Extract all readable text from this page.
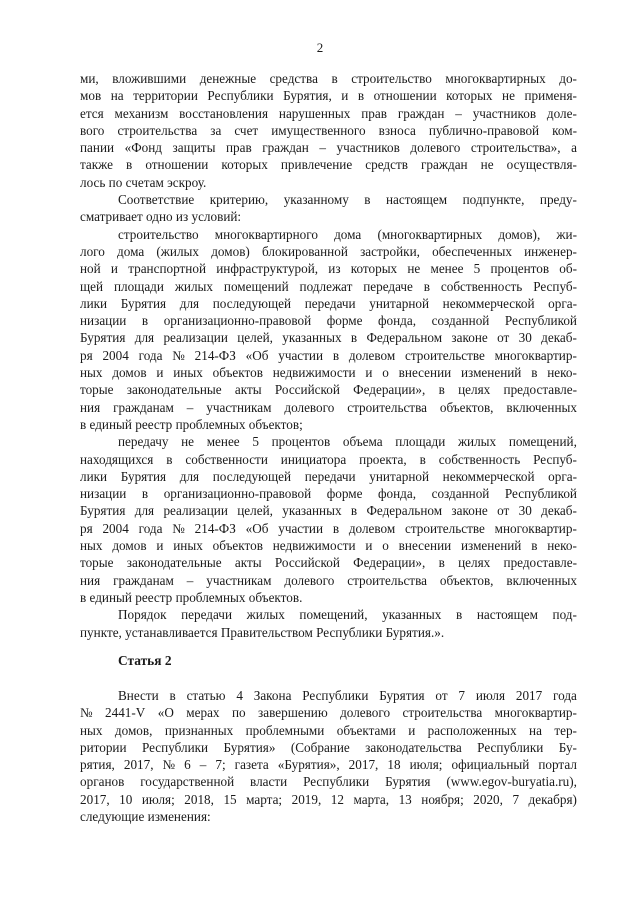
2
ми, вложившими денежные средства в строительство многоквартирных до-
мов на территории Республики Бурятия, и в отношении которых не применя-
ется механизм восстановления нарушенных прав граждан – участников доле-
вого строительства за счет имущественного взноса публично-правовой ком-
пании «Фонд защиты прав граждан – участников долевого строительства», а
также в отношении которых привлечение средств граждан не осуществля-
лось по счетам эскроу.
Соответствие критерию, указанному в настоящем подпункте, преду-
сматривает одно из условий:
строительство многоквартирного дома (многоквартирных домов), жи-
лого дома (жилых домов) блокированной застройки, обеспеченных инженер-
ной и транспортной инфраструктурой, из которых не менее 5 процентов об-
щей площади жилых помещений подлежат передаче в собственность Респуб-
лики Бурятия для последующей передачи унитарной некоммерческой орга-
низации в организационно-правовой форме фонда, созданной Республикой
Бурятия для реализации целей, указанных в Федеральном законе от 30 декаб-
ря 2004 года № 214-ФЗ «Об участии в долевом строительстве многоквартир-
ных домов и иных объектов недвижимости и о внесении изменений в неко-
торые законодательные акты Российской Федерации», в целях предоставле-
ния гражданам – участникам долевого строительства объектов, включенных
в единый реестр проблемных объектов;
передачу не менее 5 процентов объема площади жилых помещений,
находящихся в собственности инициатора проекта, в собственность Респуб-
лики Бурятия для последующей передачи унитарной некоммерческой орга-
низации в организационно-правовой форме фонда, созданной Республикой
Бурятия для реализации целей, указанных в Федеральном законе от 30 декаб-
ря 2004 года № 214-ФЗ «Об участии в долевом строительстве многоквартир-
ных домов и иных объектов недвижимости и о внесении изменений в неко-
торые законодательные акты Российской Федерации», в целях предоставле-
ния гражданам – участникам долевого строительства объектов, включенных
в единый реестр проблемных объектов.
Порядок передачи жилых помещений, указанных в настоящем под-
пункте, устанавливается Правительством Республики Бурятия.».
Статья 2
Внести в статью 4 Закона Республики Бурятия от 7 июля 2017 года
№ 2441-V «О мерах по завершению долевого строительства многоквартир-
ных домов, признанных проблемными объектами и расположенных на тер-
ритории Республики Бурятия» (Собрание законодательства Республики Бу-
рятия, 2017, № 6 – 7; газета «Бурятия», 2017, 18 июля; официальный портал
органов государственной власти Республики Бурятия (www.egov-buryatia.ru),
2017, 10 июля; 2018, 15 марта; 2019, 12 марта, 13 ноября; 2020, 7 декабря)
следующие изменения:
